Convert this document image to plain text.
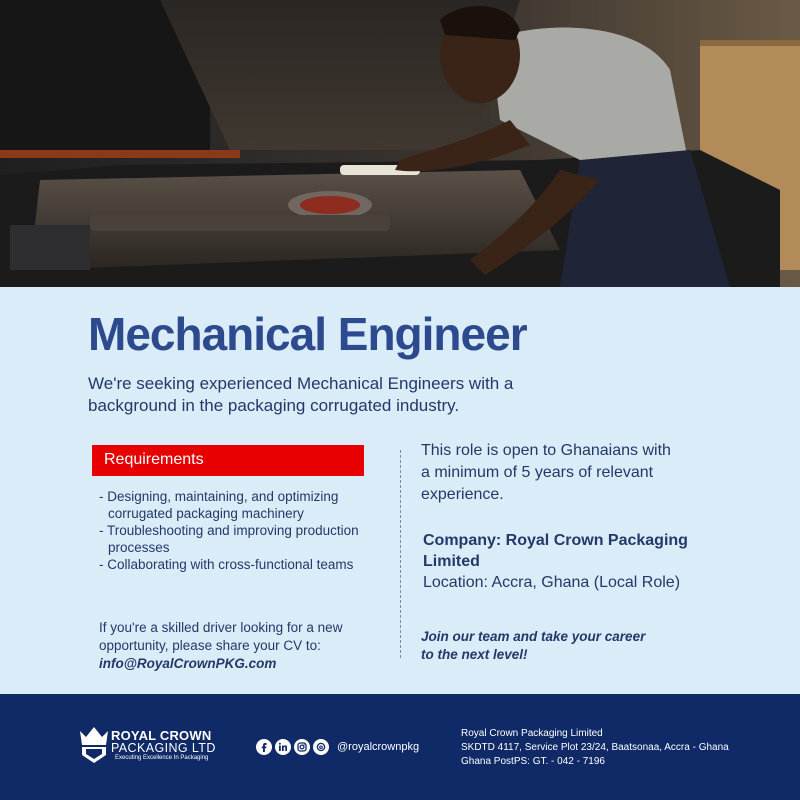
Mechanical Engineer

We're seeking experienced Mechanical Engineers with a background in the packaging corrugated industry.

Requirements
- Designing, maintaining, and optimizing corrugated packaging machinery
- Troubleshooting and improving production processes
- Collaborating with cross-functional teams

If you're a skilled driver looking for a new opportunity, please share your CV to: info@RoyalCrownPKG.com

This role is open to Ghanaians with a minimum of 5 years of relevant experience.

Company: Royal Crown Packaging Limited
Location: Accra, Ghana (Local Role)

Join our team and take your career to the next level!

ROYAL CROWN
PACKAGING LTD
Executing Excellence In Packaging
@royalcrownpkg
Royal Crown Packaging Limited
SKDTD 4117, Service Plot 23/24, Baatsonaa, Accra - Ghana
Ghana PostPS: GT. - 042 - 7196
